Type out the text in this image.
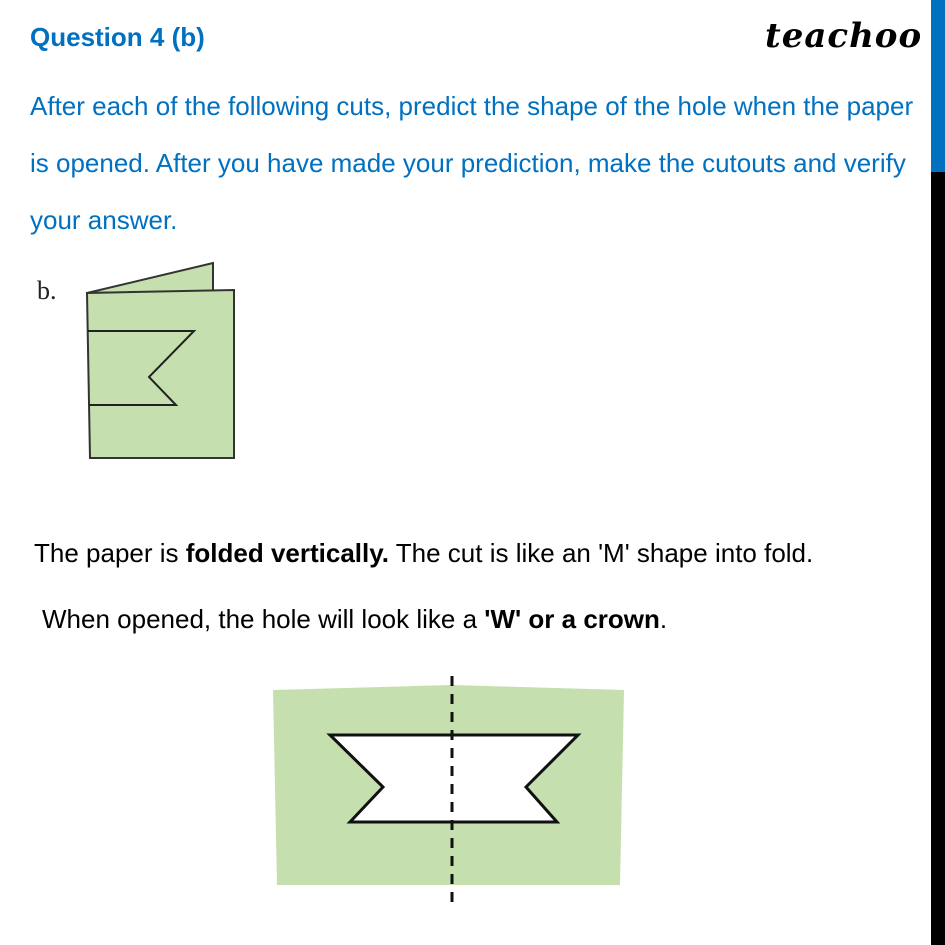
Question 4 (b)	teachoo
After each of the following cuts, predict the shape of the hole when the paper is opened. After you have made your prediction, make the cutouts and verify your answer.
b.
The paper is folded vertically. The cut is like an 'M' shape into fold.
When opened, the hole will look like a 'W' or a crown.
